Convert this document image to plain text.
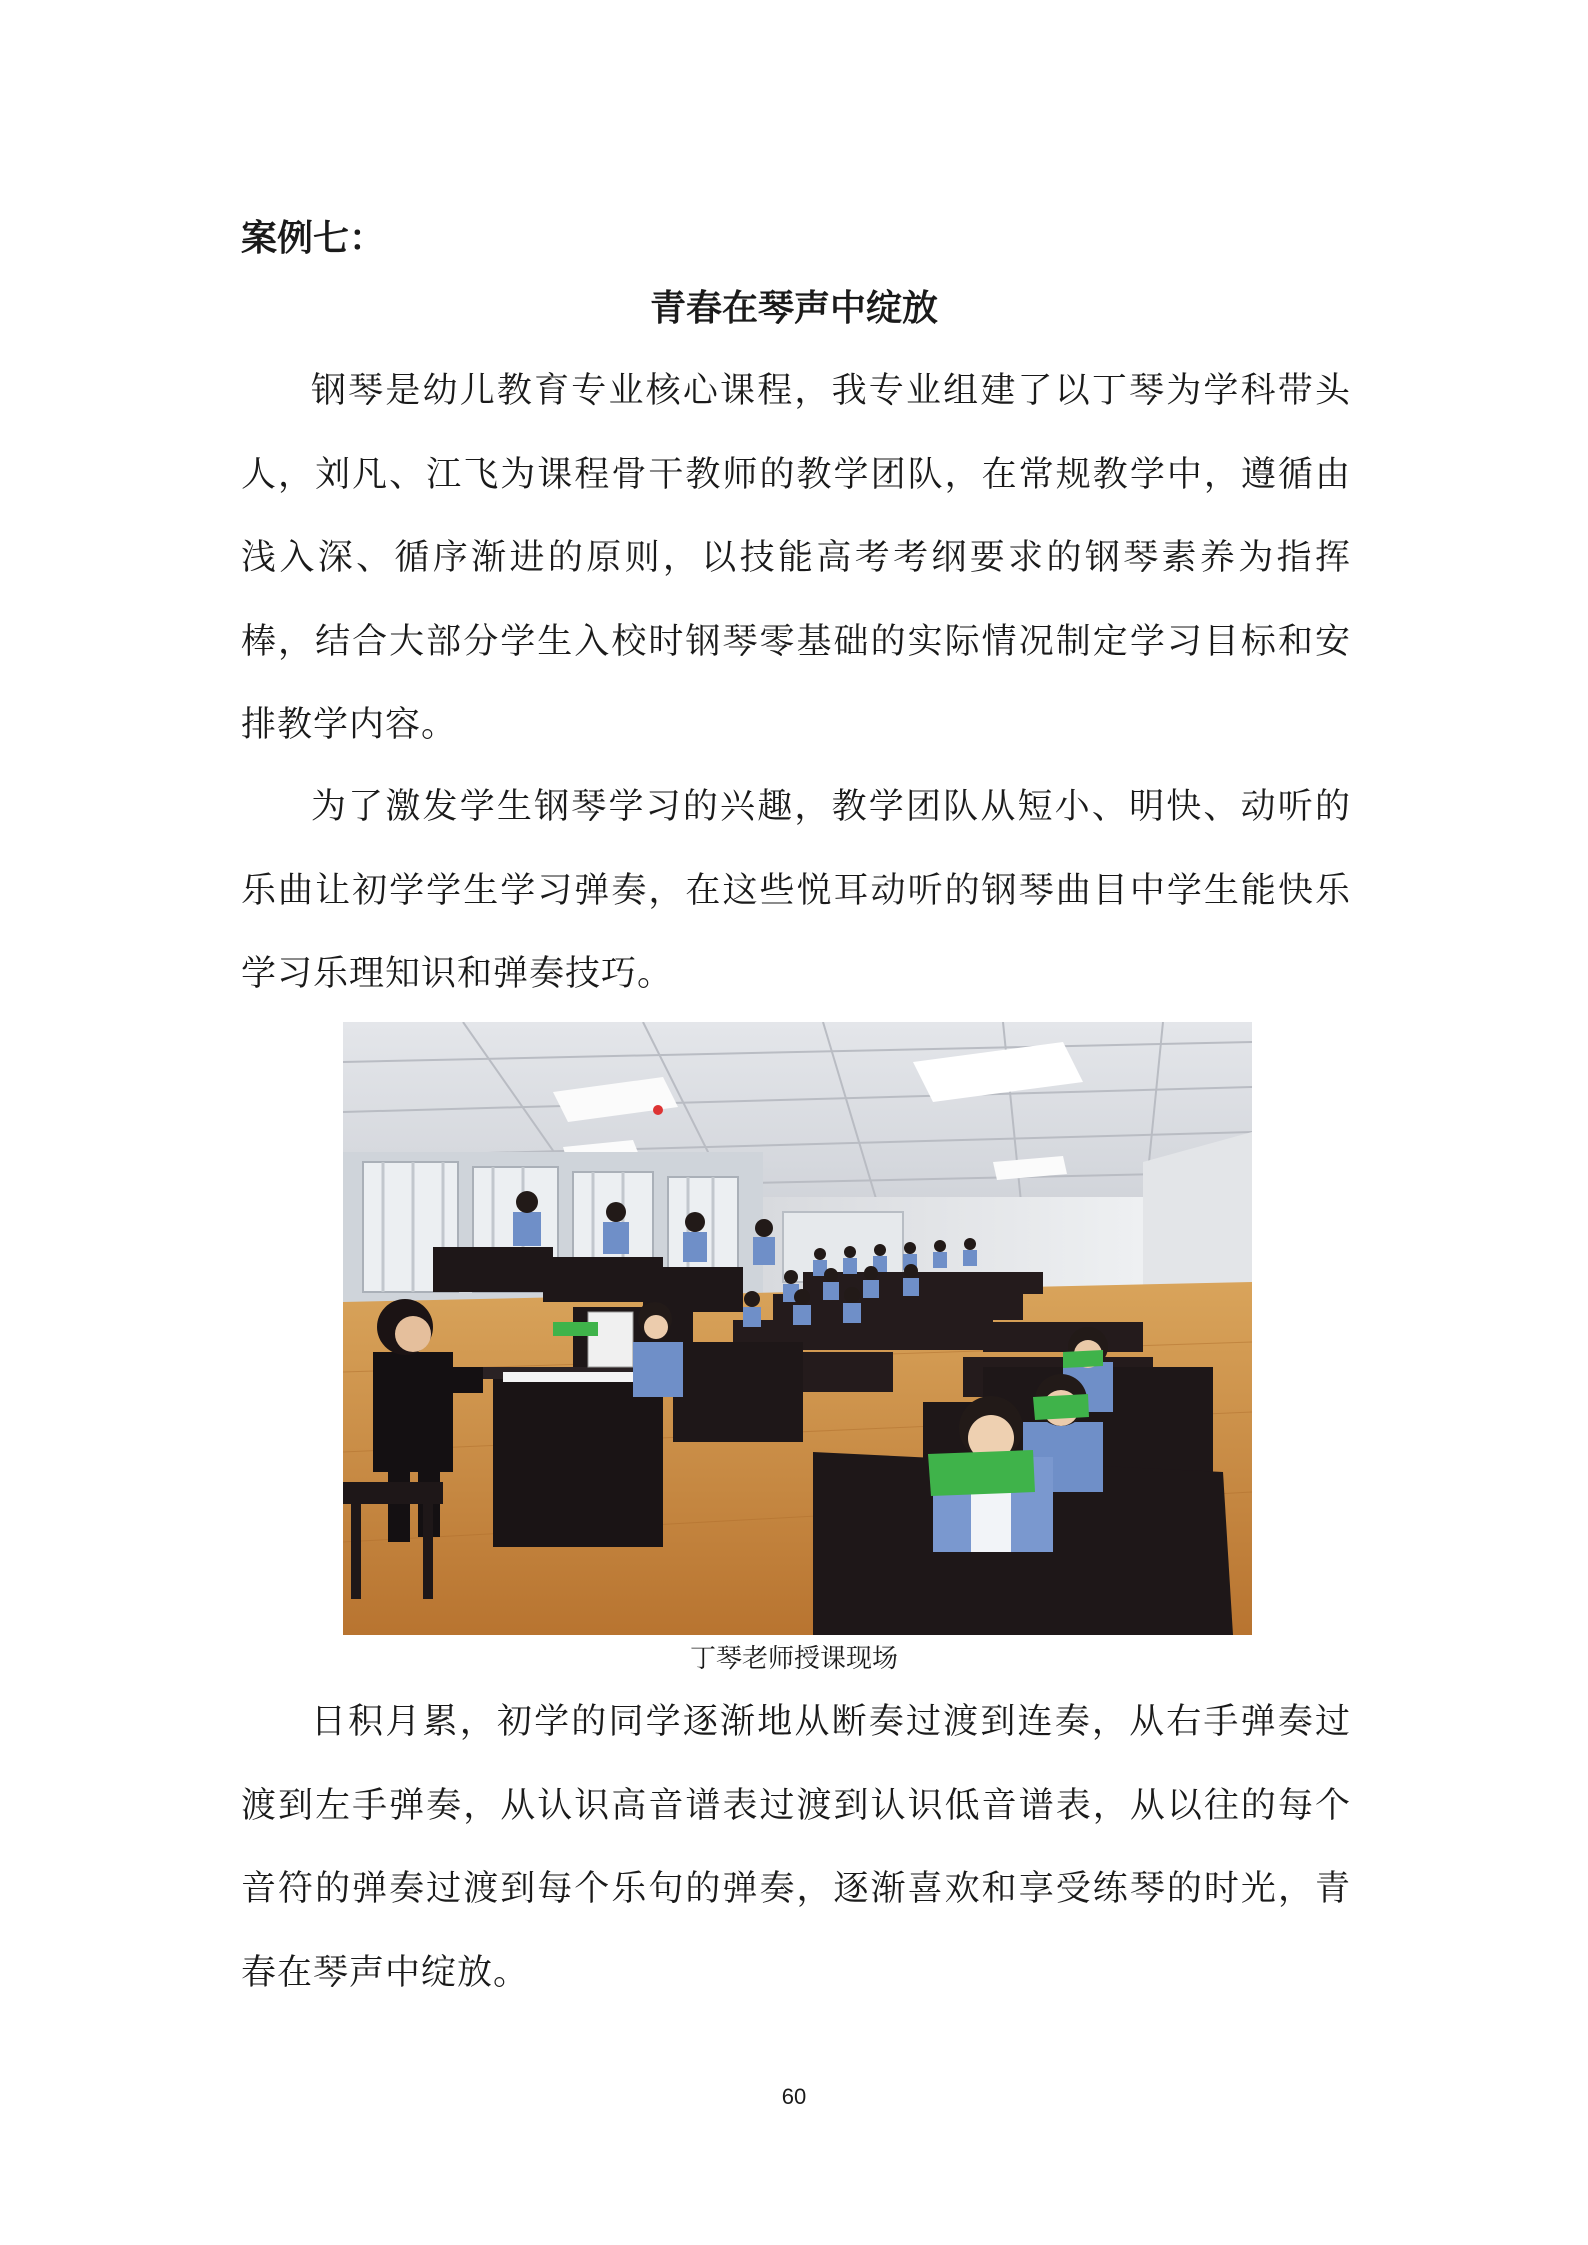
案例七：
青春在琴声中绽放

钢琴是幼儿教育专业核心课程，我专业组建了以丁琴为学科带头人，刘凡、江飞为课程骨干教师的教学团队，在常规教学中，遵循由浅入深、循序渐进的原则，以技能高考考纲要求的钢琴素养为指挥棒，结合大部分学生入校时钢琴零基础的实际情况制定学习目标和安排教学内容。

为了激发学生钢琴学习的兴趣，教学团队从短小、明快、动听的乐曲让初学学生学习弹奏，在这些悦耳动听的钢琴曲目中学生能快乐学习乐理知识和弹奏技巧。

丁琴老师授课现场

日积月累，初学的同学逐渐地从断奏过渡到连奏，从右手弹奏过渡到左手弹奏，从认识高音谱表过渡到认识低音谱表，从以往的每个音符的弹奏过渡到每个乐句的弹奏，逐渐喜欢和享受练琴的时光，青春在琴声中绽放。

60
